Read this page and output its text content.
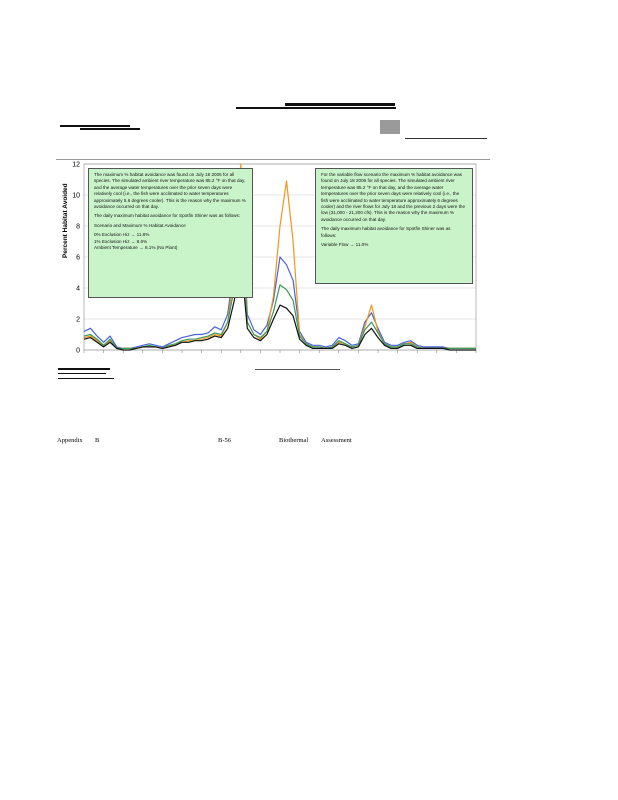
0
2
4
6
8
10
12
Percent Habitat Avoided

The maximum % habitat avoidance was found on July 18 2006 for all species. The simulated ambient river temperature was 85.2 °F on that day, and the average water temperatures over the prior seven days were relatively cool (i.e., the fish were acclimated to water temperatures approximately 5.6 degrees cooler). This is the reason why the maximum % avoidance occurred on that day.

The daily maximum habitat avoidance for Spotfin Shiner was as follows:

Scenario and Maximum % Habitat Avoidance

0% Exclusion Hiz → 11.8%
1% Exclusion Hiz → 8.6%
Ambient Temperature → 8.1% (No Plant)

For the variable flow scenario the maximum % habitat avoidance was found on July 18 2006 for all species. The simulated ambient river temperature was 85.2 °F on that day, and the average water temperatures over the prior seven days were relatively cool (i.e., the fish were acclimated to water temperature approximately 6 degrees cooler) and the river flows for July 18 and the previous 2 days were the low (31,000 - 21,200 cfs). This is the reason why the maximum % avoidance occurred on that day.

The daily maximum habitat avoidance for Spotfin Shiner was as follows:

Variable Flow → 11.0%

Appendix B	B-56	Biothermal Assessment
